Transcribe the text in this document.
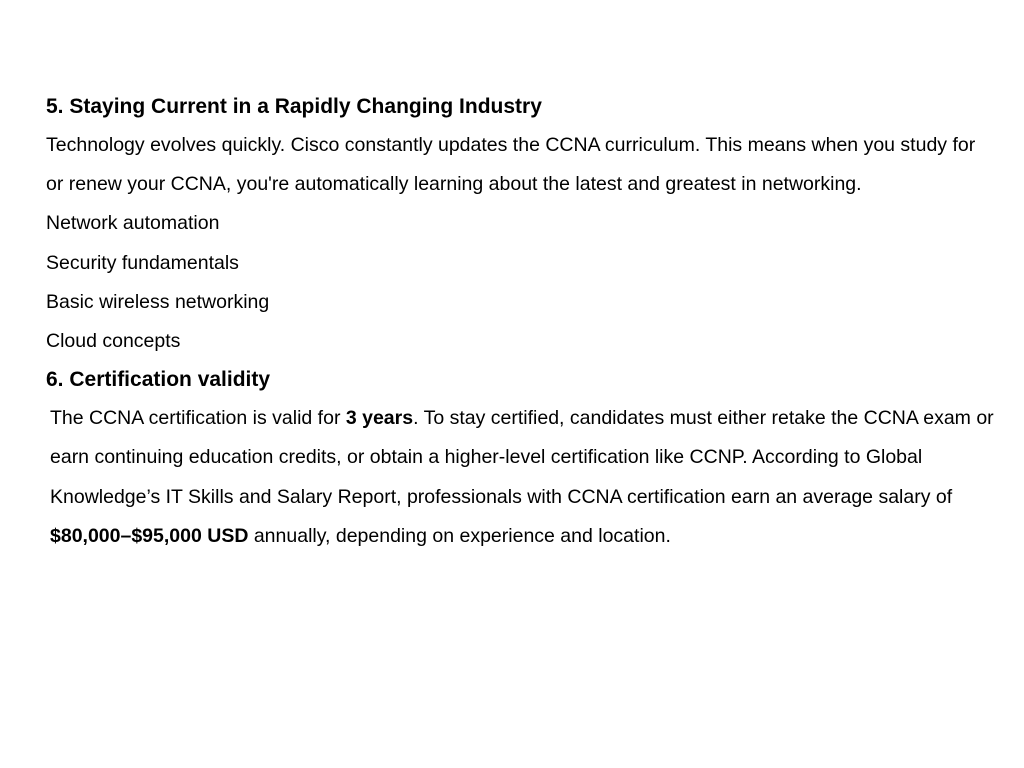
5. Staying Current in a Rapidly Changing Industry
Technology evolves quickly. Cisco constantly updates the CCNA curriculum. This means when you study for or renew your CCNA, you're automatically learning about the latest and greatest in networking.
Network automation
Security fundamentals
Basic wireless networking
Cloud concepts
6. Certification validity
The CCNA certification is valid for 3 years. To stay certified, candidates must either retake the CCNA exam or earn continuing education credits, or obtain a higher-level certification like CCNP. According to Global Knowledge’s IT Skills and Salary Report, professionals with CCNA certification earn an average salary of $80,000–$95,000 USD annually, depending on experience and location.
